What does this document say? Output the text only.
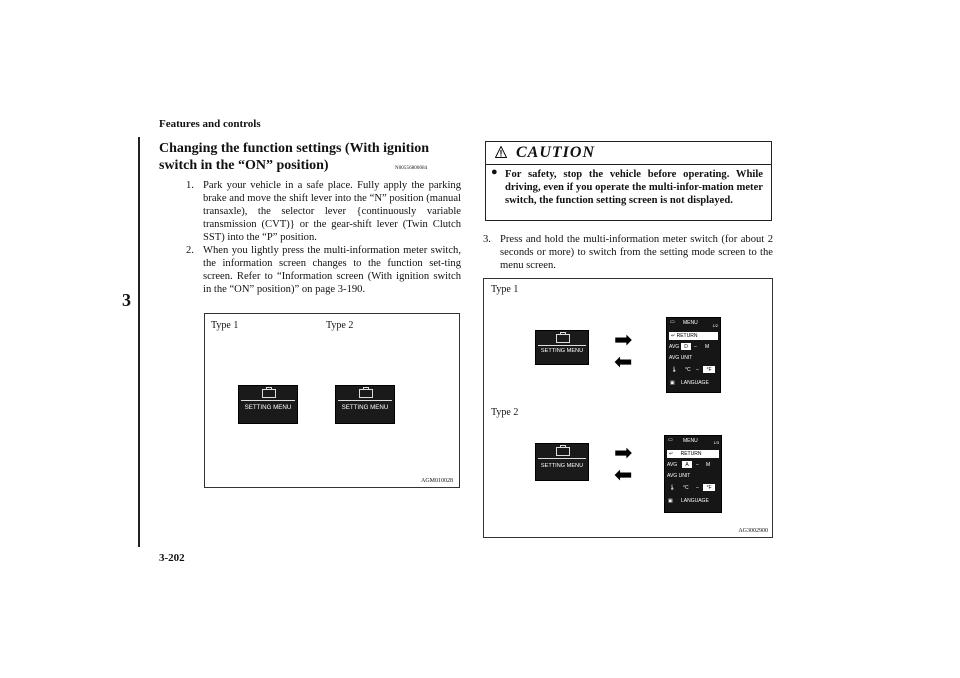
Features and controls
3
Changing the function settings (With ignition switch in the “ON” position)	N00556800084
1. Park your vehicle in a safe place. Fully apply the parking brake and move the shift lever into the “N” position (manual transaxle), the selector lever {continuously variable transmission (CVT)} or the gear-shift lever (Twin Clutch SST) into the “P” position.
2. When you lightly press the multi-information meter switch, the information screen changes to the function set-ting screen. Refer to “Information screen (With ignition switch in the “ON” position)” on page 3-190.
Type 1	Type 2
SETTING MENU	SETTING MENU
AGM010028
CAUTION
● For safety, stop the vehicle before operating. While driving, even if you operate the multi-infor-mation meter switch, the function setting screen is not displayed.
3. Press and hold the multi-information meter switch (for about 2 seconds or more) to switch from the setting mode screen to the menu screen.
Type 1
Type 2
SETTING MENU ➡
⬅
▭ MENU	1/2
↵ RETURN
AVG D	– M
AVG UNIT
🌡 °C –	°F
▣ LANGUAGE
SETTING MENU ➡
⬅
▭ MENU	1/3
↵ RETURN
AVG	A	– M
AVG UNIT
🌡 °C –	°F
▣ LANGUAGE
AG3002900
3-202
